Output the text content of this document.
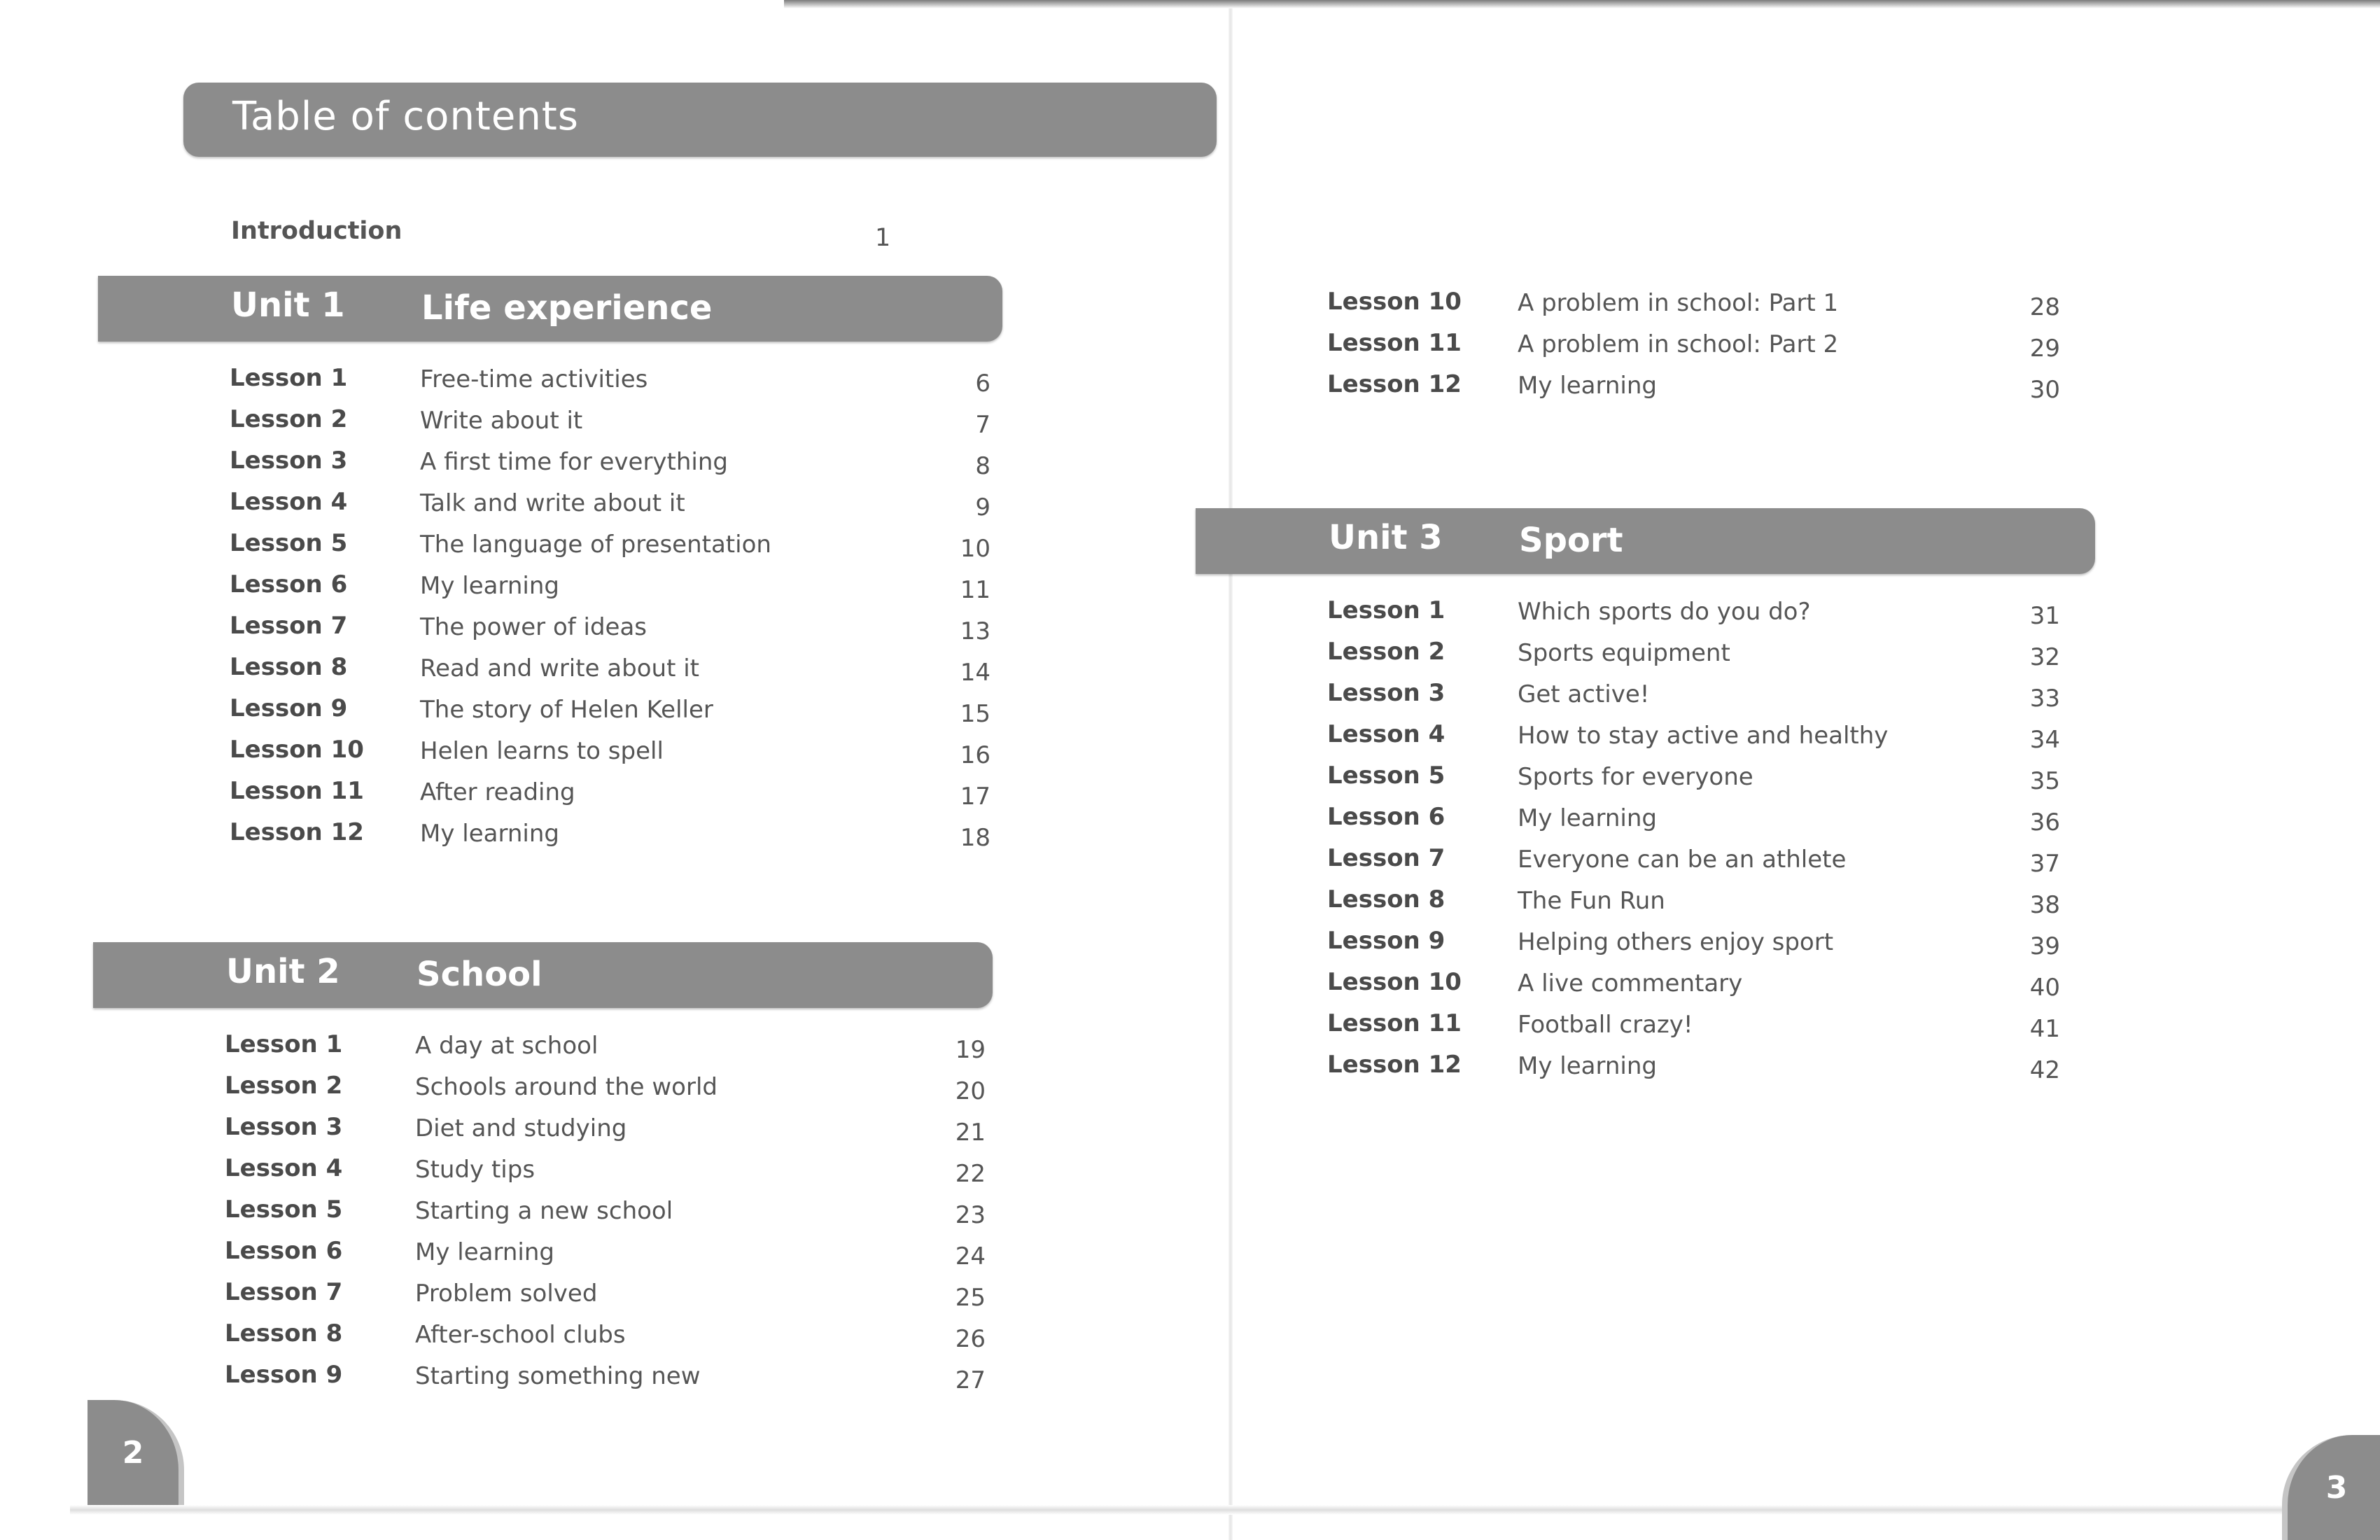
Table of contents
Introduction	1
Unit 1 Life experience
Lesson 1	Free-time activities	6
Lesson 2	Write about it	7
Lesson 3	A first time for everything	8
Lesson 4	Talk and write about it	9
Lesson 5	The language of presentation	10
Lesson 6	My learning	11
Lesson 7	The power of ideas	13
Lesson 8	Read and write about it	14
Lesson 9	The story of Helen Keller	15
Lesson 10 Helen learns to spell	16
Lesson 11 After reading	17
Lesson 12 My learning	18
Unit 2 School
Lesson 1	A day at school	19
Lesson 2	Schools around the world	20
Lesson 3	Diet and studying	21
Lesson 4	Study tips	22
Lesson 5	Starting a new school	23
Lesson 6	My learning	24
Lesson 7	Problem solved	25
Lesson 8	After-school clubs	26
Lesson 9	Starting something new	27
Lesson 10 A problem in school: Part 1	28
Lesson 11 A problem in school: Part 2	29
Lesson 12 My learning	30
Unit 3 Sport
Lesson 1	Which sports do you do?	31
Lesson 2	Sports equipment	32
Lesson 3	Get active!	33
Lesson 4	How to stay active and healthy	34
Lesson 5	Sports for everyone	35
Lesson 6	My learning	36
Lesson 7	Everyone can be an athlete	37
Lesson 8	The Fun Run	38
Lesson 9	Helping others enjoy sport	39
Lesson 10 A live commentary	40
Lesson 11 Football crazy!	41
Lesson 12 My learning	42
2
3
